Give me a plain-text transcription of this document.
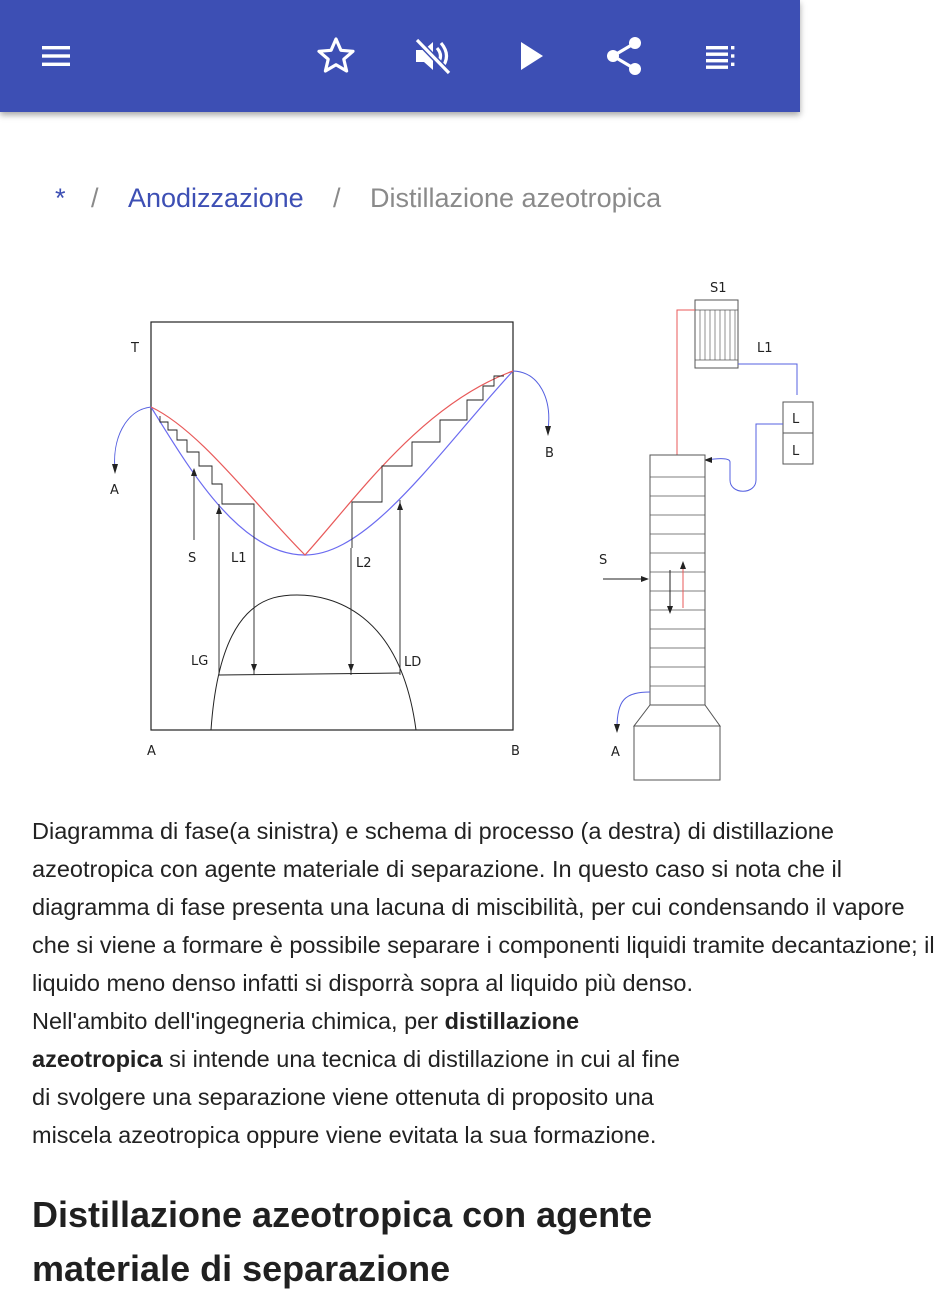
* / Anodizzazione / Distillazione azeotropica
T
A
B
S	L1	L2
LG	LD
A	B
S1
L1
L
L
S
A

Diagramma di fase(a sinistra) e schema di processo (a destra) di distillazione

azeotropica con agente materiale di separazione. In questo caso si nota che il

diagramma di fase presenta una lacuna di miscibilità, per cui condensando il vapore

che si viene a formare è possibile separare i componenti liquidi tramite decantazione; il

liquido meno denso infatti si disporrà sopra al liquido più denso.

Nell'ambito dell'ingegneria chimica, per distillazione

azeotropica si intende una tecnica di distillazione in cui al fine

di svolgere una separazione viene ottenuta di proposito una

miscela azeotropica oppure viene evitata la sua formazione.

Distillazione azeotropica con agente materiale di separazione
